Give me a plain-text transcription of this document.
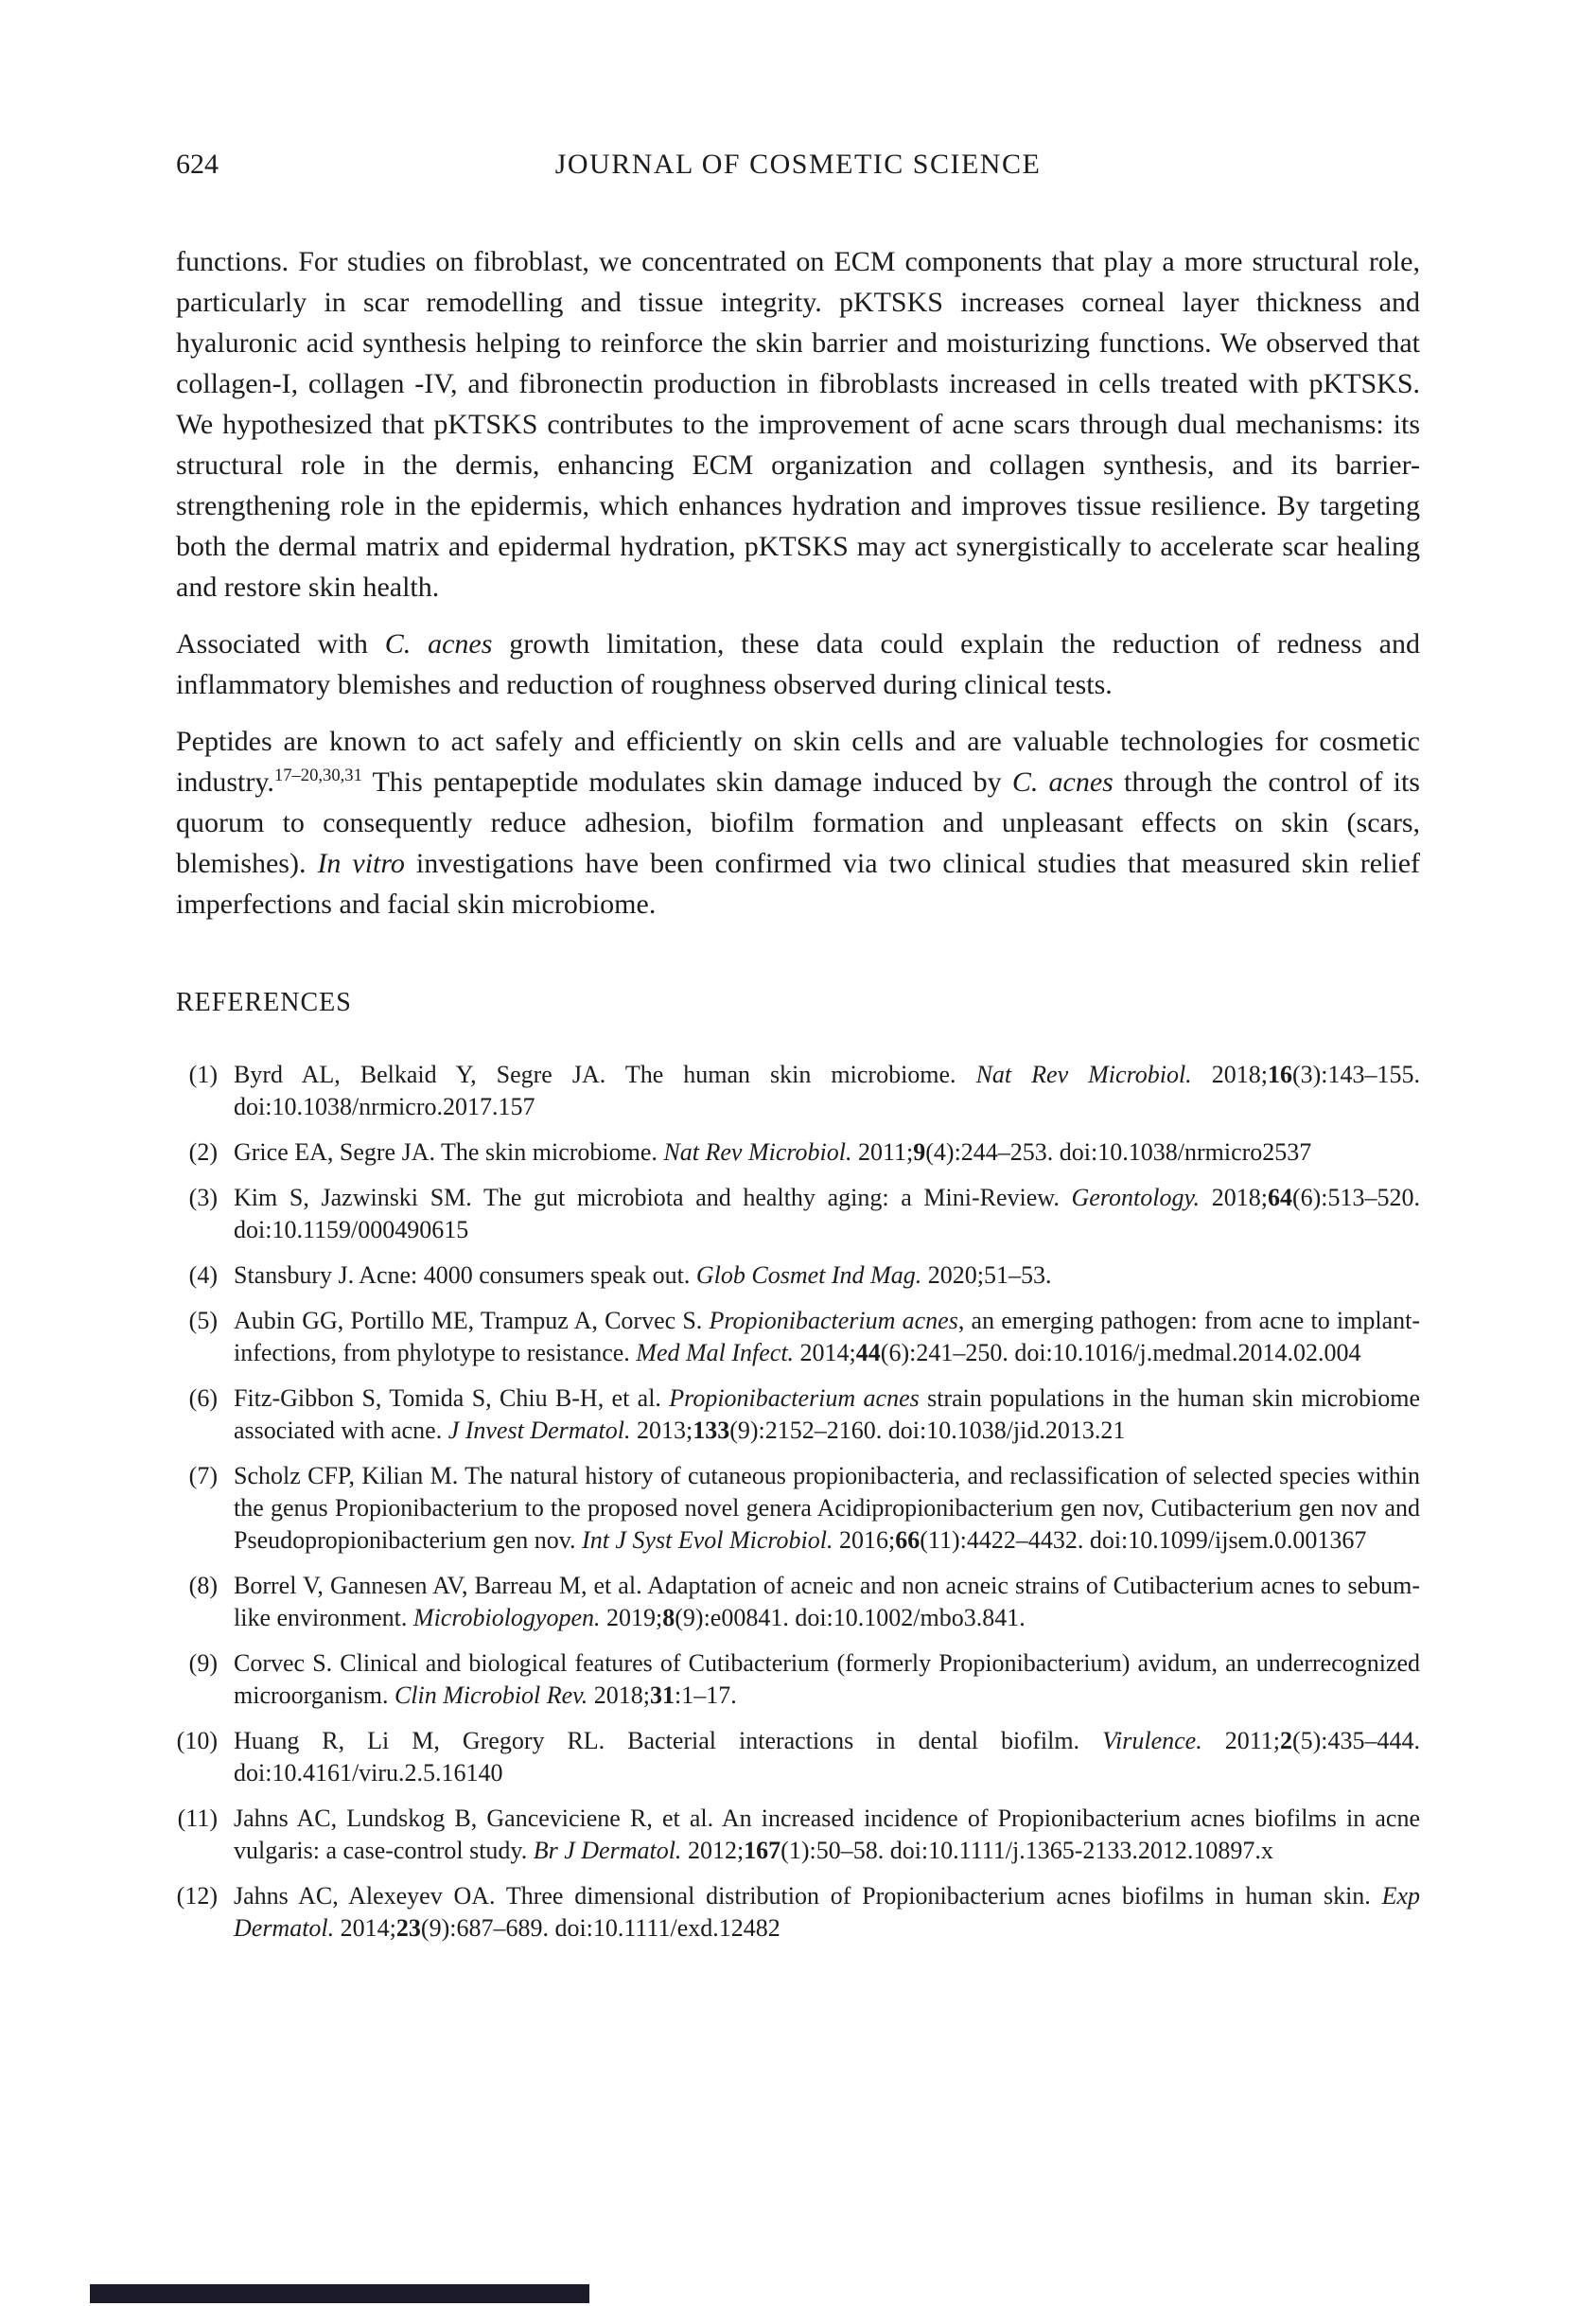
624	JOURNAL OF COSMETIC SCIENCE

functions. For studies on fibroblast, we concentrated on ECM components that play a more structural role, particularly in scar remodelling and tissue integrity. pKTSKS increases corneal layer thickness and hyaluronic acid synthesis helping to reinforce the skin barrier and moisturizing functions. We observed that collagen-I, collagen -IV, and fibronectin production in fibroblasts increased in cells treated with pKTSKS. We hypothesized that pKTSKS contributes to the improvement of acne scars through dual mechanisms: its structural role in the dermis, enhancing ECM organization and collagen synthesis, and its barrier-strengthening role in the epidermis, which enhances hydration and improves tissue resilience. By targeting both the dermal matrix and epidermal hydration, pKTSKS may act synergistically to accelerate scar healing and restore skin health.

Associated with C. acnes growth limitation, these data could explain the reduction of redness and inflammatory blemishes and reduction of roughness observed during clinical tests.

Peptides are known to act safely and efficiently on skin cells and are valuable technologies for cosmetic industry.$^{17-20,30,31}$ This pentapeptide modulates skin damage induced by C. acnes through the control of its quorum to consequently reduce adhesion, biofilm formation and unpleasant effects on skin (scars, blemishes). In vitro investigations have been confirmed via two clinical studies that measured skin relief imperfections and facial skin microbiome.

REFERENCES
(1) Byrd AL, Belkaid Y, Segre JA. The human skin microbiome. Nat Rev Microbiol. 2018;16(3):143–155. doi:10.1038/nrmicro.2017.157
(2) Grice EA, Segre JA. The skin microbiome. Nat Rev Microbiol. 2011;9(4):244–253. doi:10.1038/nrmicro2537
(3) Kim S, Jazwinski SM. The gut microbiota and healthy aging: a Mini-Review. Gerontology. 2018;64(6):513–520. doi:10.1159/000490615
(4) Stansbury J. Acne: 4000 consumers speak out. Glob Cosmet Ind Mag. 2020;51–53.
(5) Aubin GG, Portillo ME, Trampuz A, Corvec S. Propionibacterium acnes, an emerging pathogen: from acne to implant-infections, from phylotype to resistance. Med Mal Infect. 2014;44(6):241–250. doi:10.1016/j.medmal.2014.02.004
(6) Fitz-Gibbon S, Tomida S, Chiu B-H, et al. Propionibacterium acnes strain populations in the human skin microbiome associated with acne. J Invest Dermatol. 2013;133(9):2152–2160. doi:10.1038/jid.2013.21
(7) Scholz CFP, Kilian M. The natural history of cutaneous propionibacteria, and reclassification of selected species within the genus Propionibacterium to the proposed novel genera Acidipropionibacterium gen nov, Cutibacterium gen nov and Pseudopropionibacterium gen nov. Int J Syst Evol Microbiol. 2016;66(11):4422–4432. doi:10.1099/ijsem.0.001367
(8) Borrel V, Gannesen AV, Barreau M, et al. Adaptation of acneic and non acneic strains of Cutibacterium acnes to sebum-like environment. Microbiologyopen. 2019;8(9):e00841. doi:10.1002/mbo3.841.
(9) Corvec S. Clinical and biological features of Cutibacterium (formerly Propionibacterium) avidum, an underrecognized microorganism. Clin Microbiol Rev. 2018;31:1–17.
(10) Huang R, Li M, Gregory RL. Bacterial interactions in dental biofilm. Virulence. 2011;2(5):435–444. doi:10.4161/viru.2.5.16140
(11) Jahns AC, Lundskog B, Ganceviciene R, et al. An increased incidence of Propionibacterium acnes biofilms in acne vulgaris: a case-control study. Br J Dermatol. 2012;167(1):50–58. doi:10.1111/j.1365-2133.2012.10897.x
(12) Jahns AC, Alexeyev OA. Three dimensional distribution of Propionibacterium acnes biofilms in human skin. Exp Dermatol. 2014;23(9):687–689. doi:10.1111/exd.12482
